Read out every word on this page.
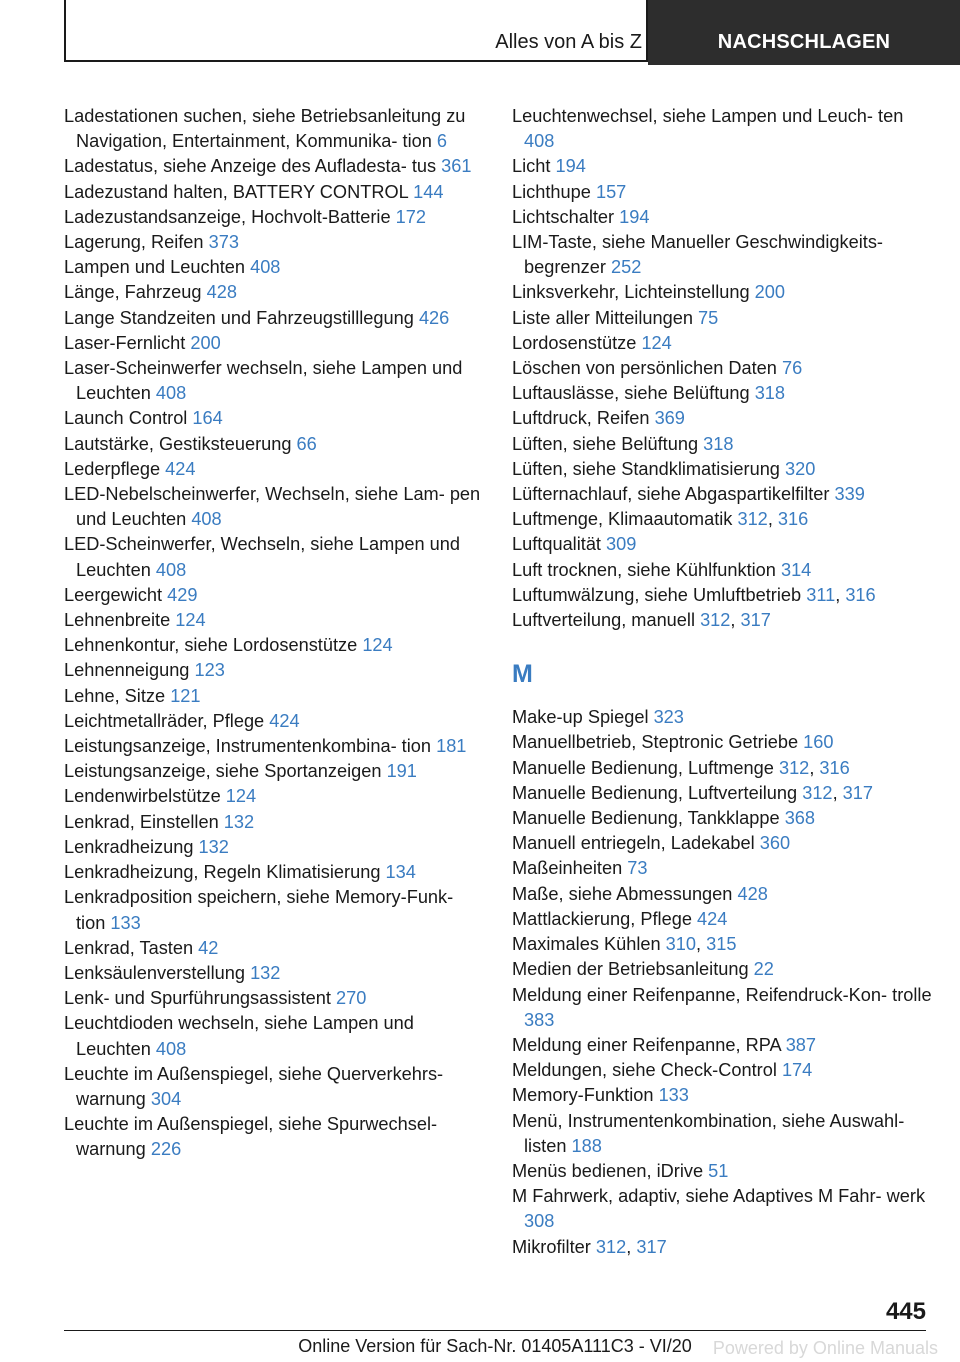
Alles von A bis Z	NACHSCHLAGEN
Ladestationen suchen, siehe Betriebsanleitung zu Navigation, Entertainment, Kommunika- tion 6
Ladestatus, siehe Anzeige des Aufladesta- tus 361
Ladezustand halten, BATTERY CONTROL 144
Ladezustandsanzeige, Hochvolt-Batterie 172
Lagerung, Reifen 373
Lampen und Leuchten 408
Länge, Fahrzeug 428
Lange Standzeiten und Fahrzeugstilllegung 426
Laser-Fernlicht 200
Laser-Scheinwerfer wechseln, siehe Lampen und Leuchten 408
Launch Control 164
Lautstärke, Gestiksteuerung 66
Lederpflege 424
LED-Nebelscheinwerfer, Wechseln, siehe Lam- pen und Leuchten 408
LED-Scheinwerfer, Wechseln, siehe Lampen und Leuchten 408
Leergewicht 429
Lehnenbreite 124
Lehnenkontur, siehe Lordosenstütze 124
Lehnenneigung 123
Lehne, Sitze 121
Leichtmetallräder, Pflege 424
Leistungsanzeige, Instrumentenkombina- tion 181
Leistungsanzeige, siehe Sportanzeigen 191
Lendenwirbelstütze 124
Lenkrad, Einstellen 132
Lenkradheizung 132
Lenkradheizung, Regeln Klimatisierung 134
Lenkradposition speichern, siehe Memory-Funk- tion 133
Lenkrad, Tasten 42
Lenksäulenverstellung 132
Lenk- und Spurführungsassistent 270
Leuchtdioden wechseln, siehe Lampen und Leuchten 408
Leuchte im Außenspiegel, siehe Querverkehrs- warnung 304
Leuchte im Außenspiegel, siehe Spurwechsel- warnung 226
Leuchtenwechsel, siehe Lampen und Leuch- ten 408
Licht 194
Lichthupe 157
Lichtschalter 194
LIM-Taste, siehe Manueller Geschwindigkeits- begrenzer 252
Linksverkehr, Lichteinstellung 200
Liste aller Mitteilungen 75
Lordosenstütze 124
Löschen von persönlichen Daten 76
Luftauslässe, siehe Belüftung 318
Luftdruck, Reifen 369
Lüften, siehe Belüftung 318
Lüften, siehe Standklimatisierung 320
Lüfternachlauf, siehe Abgaspartikelfilter 339
Luftmenge, Klimaautomatik 312, 316
Luftqualität 309
Luft trocknen, siehe Kühlfunktion 314
Luftumwälzung, siehe Umluftbetrieb 311, 316
Luftverteilung, manuell 312, 317
M
Make-up Spiegel 323
Manuellbetrieb, Steptronic Getriebe 160
Manuelle Bedienung, Luftmenge 312, 316
Manuelle Bedienung, Luftverteilung 312, 317
Manuelle Bedienung, Tankklappe 368
Manuell entriegeln, Ladekabel 360
Maßeinheiten 73
Maße, siehe Abmessungen 428
Mattlackierung, Pflege 424
Maximales Kühlen 310, 315
Medien der Betriebsanleitung 22
Meldung einer Reifenpanne, Reifendruck-Kon- trolle 383
Meldung einer Reifenpanne, RPA 387
Meldungen, siehe Check-Control 174
Memory-Funktion 133
Menü, Instrumentenkombination, siehe Auswahl- listen 188
Menüs bedienen, iDrive 51
M Fahrwerk, adaptiv, siehe Adaptives M Fahr- werk 308
Mikrofilter 312, 317
445
Online Version für Sach-Nr. 01405A111C3 - VI/20	Powered by Online Manuals
